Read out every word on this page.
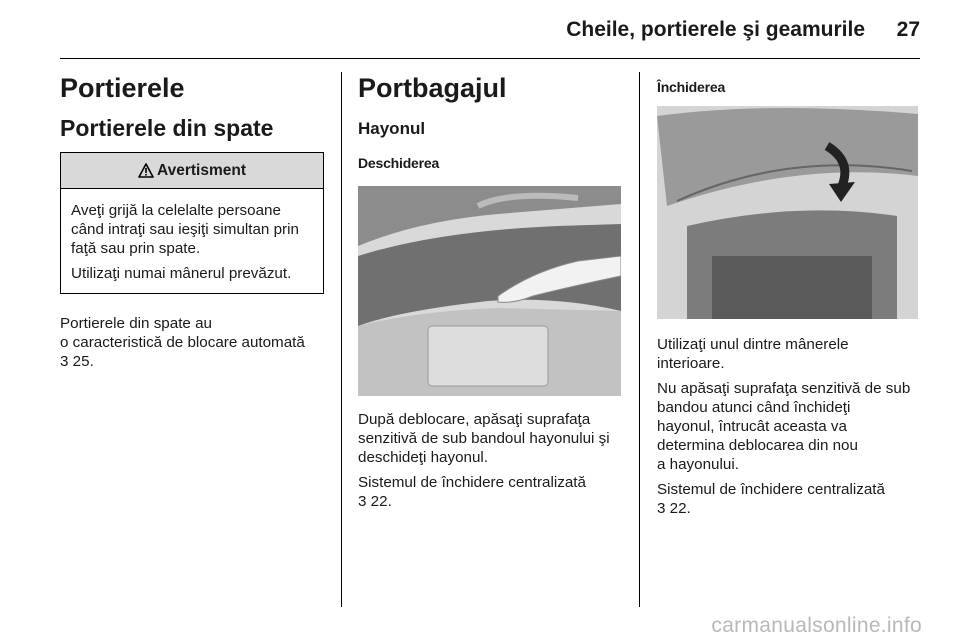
Cheile, portierele şi geamurile 27
Portierele
Portierele din spate
Avertisment

Aveţi grijă la celelalte persoane
când intraţi sau ieşiţi simultan prin
faţă sau prin spate.

Utilizaţi numai mânerul prevăzut.

Portierele din spate au
o caracteristică de blocare automată

3 25.

Portbagajul
Hayonul
Deschiderea

După deblocare, apăsaţi suprafaţa
senzitivă de sub bandoul hayonului şi
deschideţi hayonul.

Sistemul de închidere centralizată

3 22.

Închiderea

Utilizaţi unul dintre mânerele
interioare.

Nu apăsaţi suprafaţa senzitivă de sub
bandou atunci când închideţi
hayonul, întrucât aceasta va
determina deblocarea din nou
a hayonului.

Sistemul de închidere centralizată

3 22.

carmanualsonline.info
